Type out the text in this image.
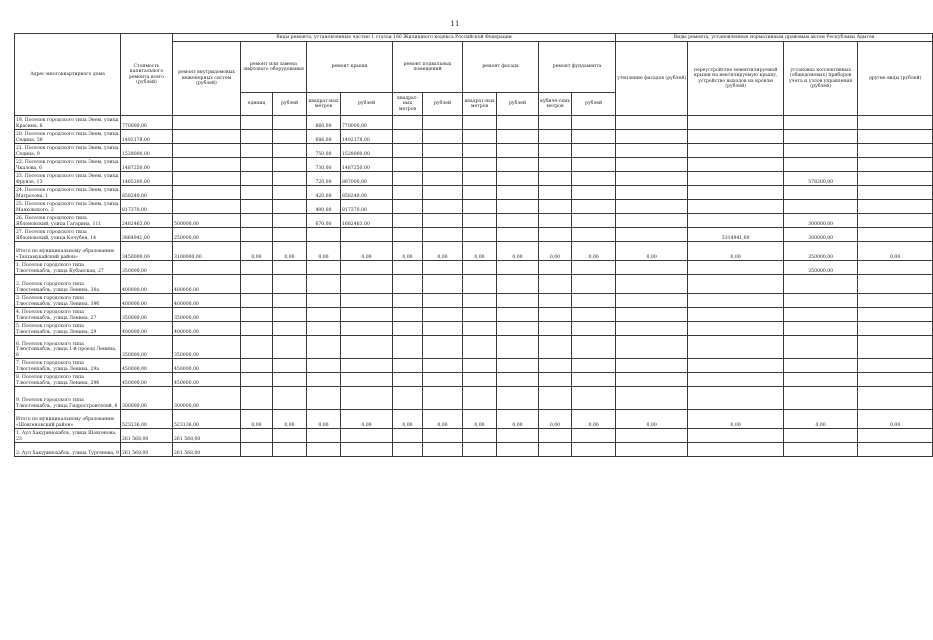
11
Адрес многоквартирного дома	Стоимость капитального ремонта всего (рублей)	Виды ремонта, установленные частью 1 статьи 166 Жилищного кодекса Российской Федерации											Виды ремонта, установленные нормативным правовым актом Республики Адыгея			
		ремонт внутридомовых инженерных систем (рублей)	ремонт или замена лифтового оборудования		ремонт крыши		ремонт подвальных помещений		ремонт фасада		ремонт фундамента		утепление фасадов (рублей)	переустройство невентилируемой крыши на вентилируемую крышу, устройство выходов на кровлю (рублей)	установка коллективных (общедомовых) приборов учета и узлов управления (рублей)	другие виды (рублей)
			единиц	рублей	квадрат-ных метров	рублей	квадрат-ных метров	рублей	квадрат-ных метров	рублей	кубиче-ских метров	рублей				
19. Поселок городского типа Энем, улица Красина, 6	770000,00				660,00	770000,00										
20. Поселок городского типа Энем, улица Седина, 58	1492178,00				686,00	1492178,00										
21. Поселок городского типа Энем, улица Седина, 9	1528000,00				750,00	1528000,00										
22. Поселок городского типа Энем, улица Чкалова, 6	1487250,00				730,00	1487250,00										
23. Поселок городского типа Энем, улица Фрунзе, 13	1465200,00				720,00	887000,00									578200,00	
24. Поселок городского типа Энем, улица Матросова, 1	858240,00				420,00	858240,00										
25. Поселок городского типа Энем, улица Маяковского, 2	817370,00				400,00	817370,00										
26. Поселок городского типа Яблоновский, улица Гагарина, 111	2482463,00	500000,00			670,00	1682463,00									300000,00	
27. Поселок городского типа Яблоновский, улица Кочубея, 14	3864941,00	250000,00												3314941,00	300000,00	
Итого по муниципальному образованию «Тахтамукайский район»	3450000,00	3100000,00	0,00	0,00	0,00	0,00	0,00	0,00	0,00	0,00	0,00	0,00	0,00	0,00	350000,00	0,00
1. Поселок городского типа Тлюстенхабль, улица Кубанская, 27	350000,00														350000,00	
2. Поселок городского типа Тлюстенхабль, улица Ленина, 30а	400000,00	400000,00														
3. Поселок городского типа Тлюстенхабль, улица Ленина, 39б	400000,00	400000,00														
4. Поселок городского типа Тлюстенхабль, улица Ленина, 27	350000,00	350000,00														
5. Поселок городского типа Тлюстенхабль, улица Ленина, 29	400000,00	400000,00														
6. Поселок городского типа Тлюстенхабль, улица 1-й проезд Ленина, 6	350000,00	350000,00														
7. Поселок городского типа Тлюстенхабль, улица Ленина, 29а	450000,00	450000,00														
8. Поселок городского типа Тлюстенхабль, улица Ленина, 29б	450000,00	450000,00														
9. Поселок городского типа Тлюстенхабль, улица Гидростроителей, 6	300000,00	300000,00														
Итого по муниципальному образованию «Шовгеновский район»	523136,00	523136,00	0,00	0,00	0,00	0,00	0,00	0,00	0,00	0,00	0,00	0,00	0,00	0,00	0,00	0,00
1. Аул Хакуринохабль, улица Шовгенова, 23	261 568,00	261 568,00														
2. Аул Хакуринохабль, улица Тургенева, 9	261 568,00	261 568,00														
